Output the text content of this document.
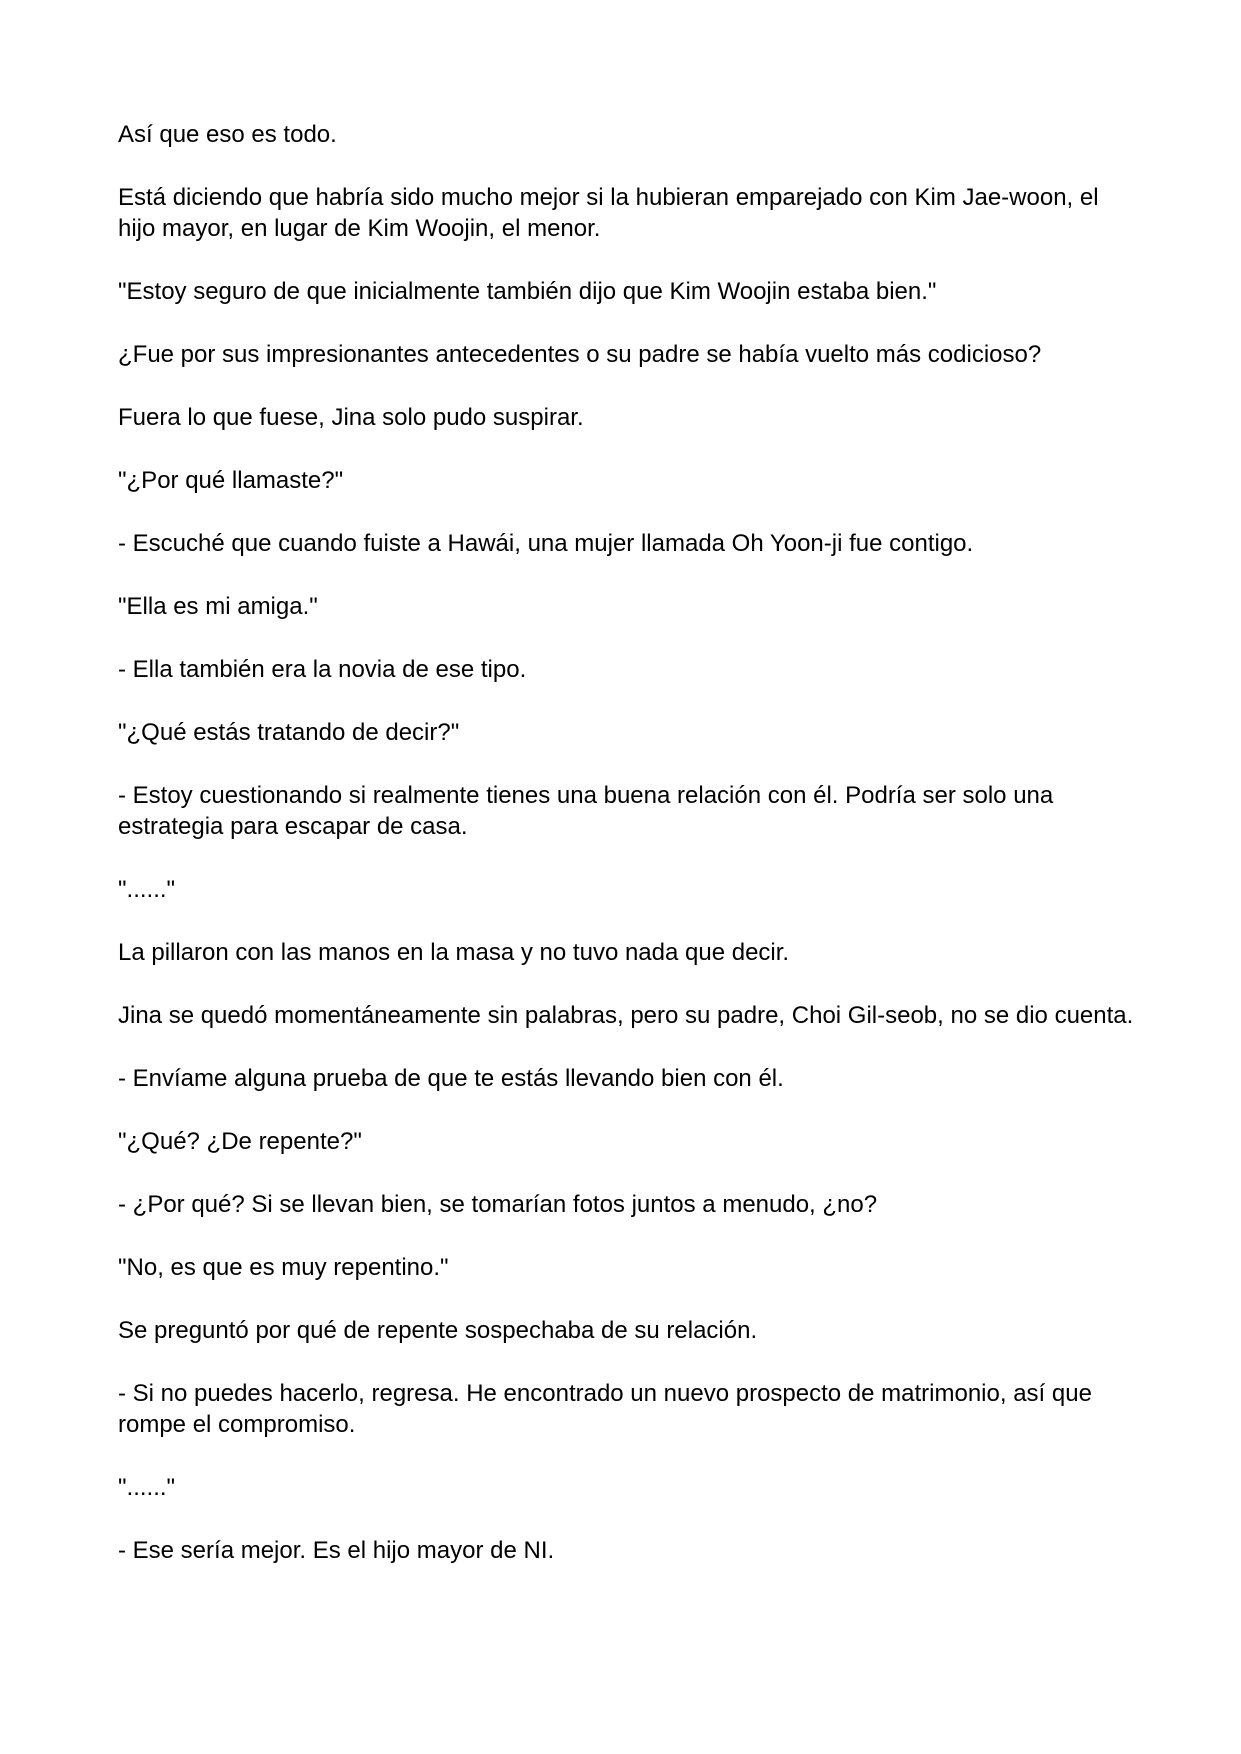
Así que eso es todo.

Está diciendo que habría sido mucho mejor si la hubieran emparejado con Kim Jae-woon, el hijo mayor, en lugar de Kim Woojin, el menor.

"Estoy seguro de que inicialmente también dijo que Kim Woojin estaba bien."

¿Fue por sus impresionantes antecedentes o su padre se había vuelto más codicioso?

Fuera lo que fuese, Jina solo pudo suspirar.

"¿Por qué llamaste?"

- Escuché que cuando fuiste a Hawái, una mujer llamada Oh Yoon-ji fue contigo.

"Ella es mi amiga."

- Ella también era la novia de ese tipo.

"¿Qué estás tratando de decir?"

- Estoy cuestionando si realmente tienes una buena relación con él. Podría ser solo una estrategia para escapar de casa.

"......"

La pillaron con las manos en la masa y no tuvo nada que decir.

Jina se quedó momentáneamente sin palabras, pero su padre, Choi Gil-seob, no se dio cuenta.

- Envíame alguna prueba de que te estás llevando bien con él.

"¿Qué? ¿De repente?"

- ¿Por qué? Si se llevan bien, se tomarían fotos juntos a menudo, ¿no?

"No, es que es muy repentino."

Se preguntó por qué de repente sospechaba de su relación.

- Si no puedes hacerlo, regresa. He encontrado un nuevo prospecto de matrimonio, así que rompe el compromiso.

"......"

- Ese sería mejor. Es el hijo mayor de NI.
